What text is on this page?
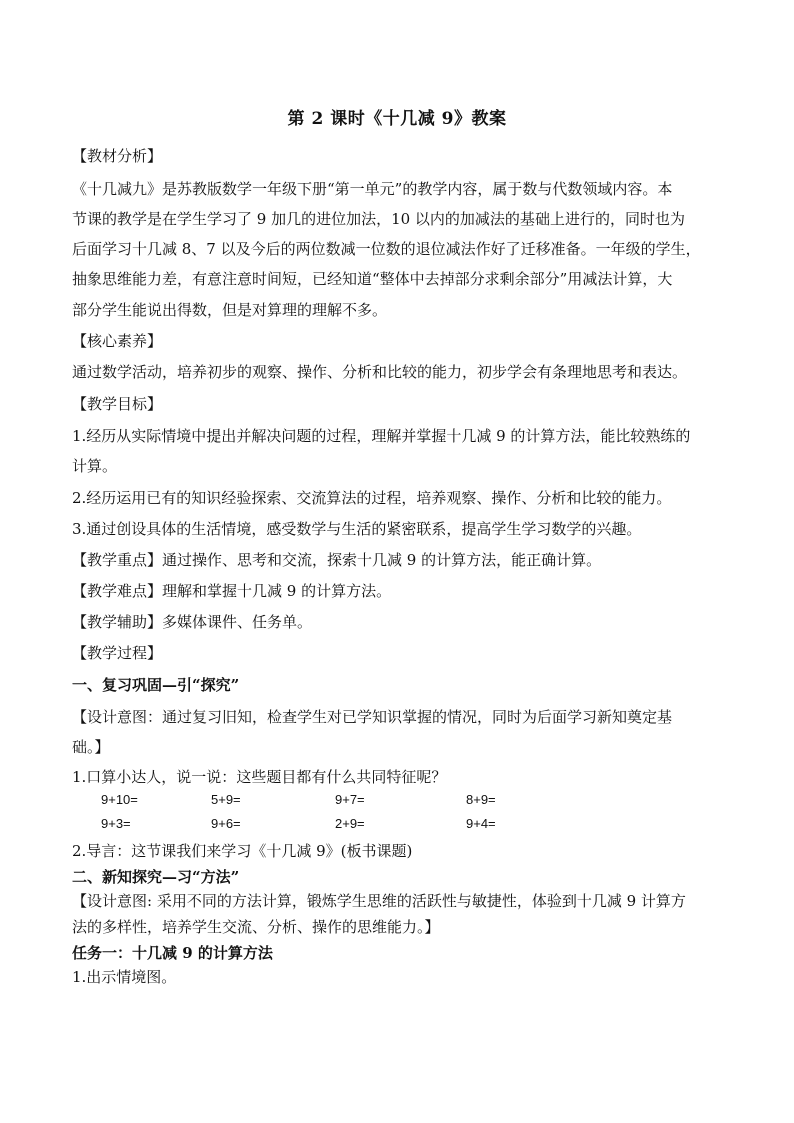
第 2 课时《十几减 9》教案
【教材分析】
《十几减九》是苏教版数学一年级下册“第一单元”的教学内容，属于数与代数领域内容。本
节课的教学是在学生学习了 9 加几的进位加法，10 以内的加减法的基础上进行的，同时也为
后面学习十几减 8、7 以及今后的两位数减一位数的退位减法作好了迁移准备。一年级的学生，
抽象思维能力差，有意注意时间短，已经知道“整体中去掉部分求剩余部分”用减法计算，大
部分学生能说出得数，但是对算理的理解不多。
【核心素养】
通过数学活动，培养初步的观察、操作、分析和比较的能力，初步学会有条理地思考和表达。
【教学目标】
1.经历从实际情境中提出并解决问题的过程，理解并掌握十几减 9 的计算方法，能比较熟练的
计算。
2.经历运用已有的知识经验探索、交流算法的过程，培养观察、操作、分析和比较的能力。
3.通过创设具体的生活情境，感受数学与生活的紧密联系，提高学生学习数学的兴趣。
【教学重点】通过操作、思考和交流，探索十几减 9 的计算方法，能正确计算。
【教学难点】理解和掌握十几减 9 的计算方法。
【教学辅助】多媒体课件、任务单。
【教学过程】
一、复习巩固—引“探究”
【设计意图：通过复习旧知，检查学生对已学知识掌握的情况，同时为后面学习新知奠定基
础。】
1.口算小达人，说一说：这些题目都有什么共同特征呢？
9+10=	5+9=	9+7=	8+9=
9+3=	9+6=	2+9=	9+4=
2.导言：这节课我们来学习《十几减 9》(板书课题)
二、新知探究—习“方法”
【设计意图: 采用不同的方法计算，锻炼学生思维的活跃性与敏捷性，体验到十几减 9 计算方
法的多样性，培养学生交流、分析、操作的思维能力。】
任务一：十几减 9 的计算方法
1.出示情境图。
